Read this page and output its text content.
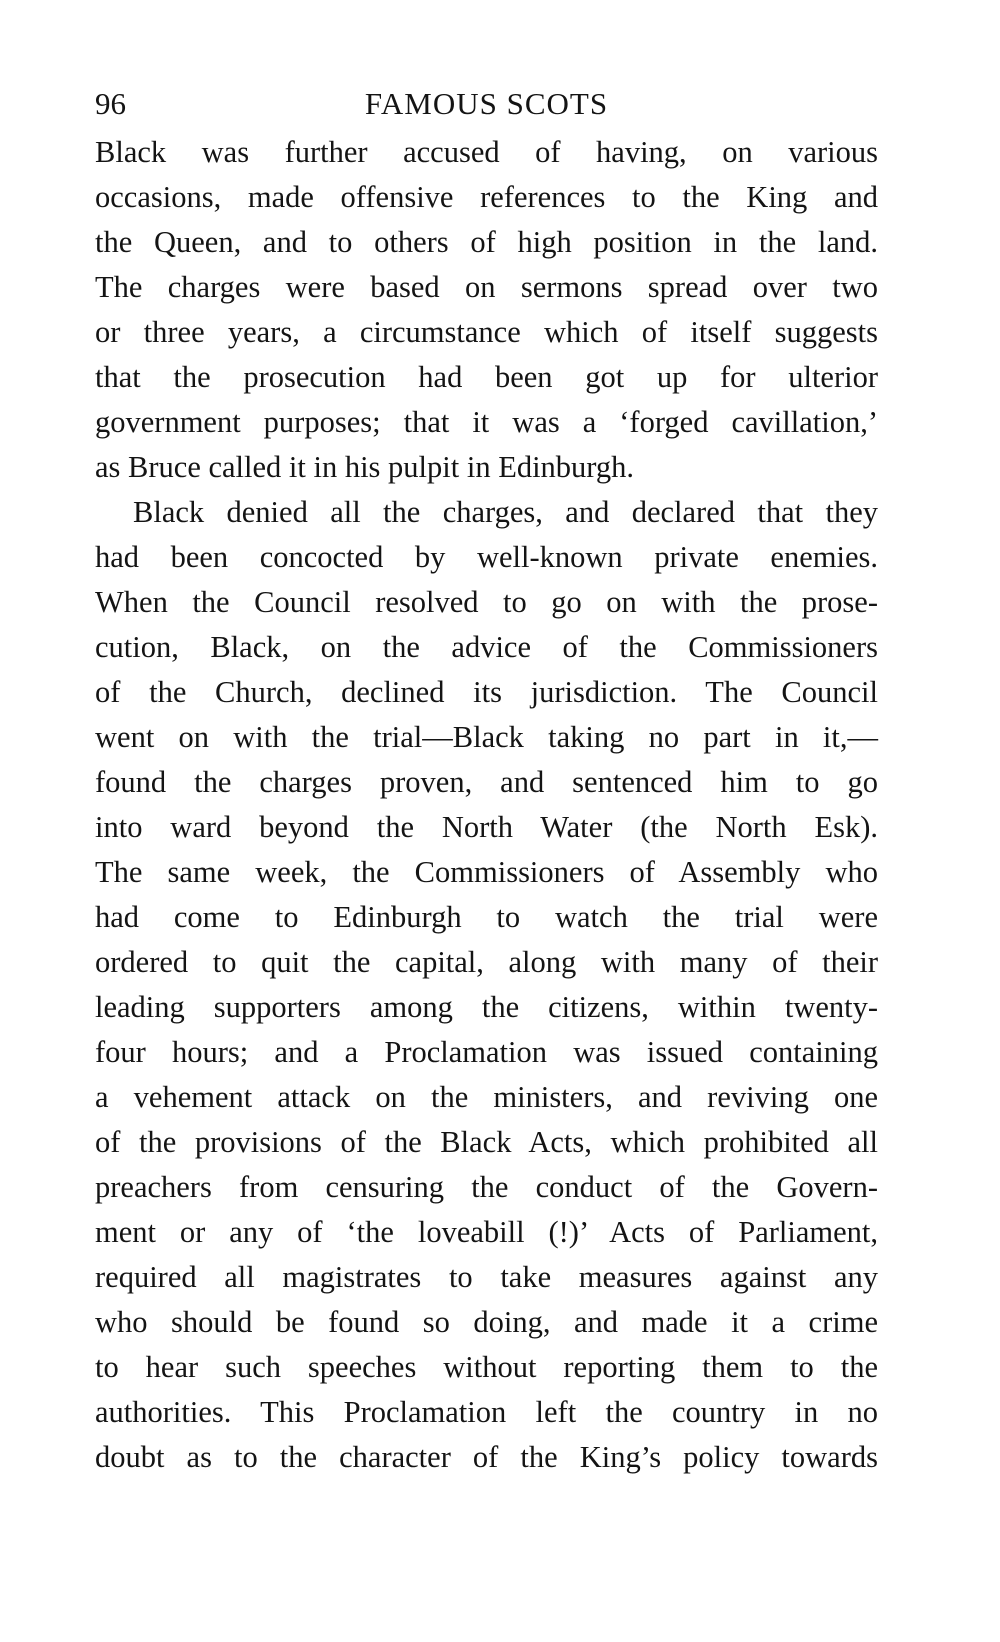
96	FAMOUS SCOTS
Black was further accused of having, on various
occasions, made offensive references to the King and
the Queen, and to others of high position in the land.
The charges were based on sermons spread over two
or three years, a circumstance which of itself suggests
that the prosecution had been got up for ulterior
government purposes; that it was a ‘forged cavillation,’
as Bruce called it in his pulpit in Edinburgh.
Black denied all the charges, and declared that they
had been concocted by well-known private enemies.
When the Council resolved to go on with the prose-
cution, Black, on the advice of the Commissioners
of the Church, declined its jurisdiction. The Council
went on with the trial—Black taking no part in it,—
found the charges proven, and sentenced him to go
into ward beyond the North Water (the North Esk).
The same week, the Commissioners of Assembly who
had come to Edinburgh to watch the trial were
ordered to quit the capital, along with many of their
leading supporters among the citizens, within twenty-
four hours; and a Proclamation was issued containing
a vehement attack on the ministers, and reviving one
of the provisions of the Black Acts, which prohibited all
preachers from censuring the conduct of the Govern-
ment or any of ‘the loveabill (!)’ Acts of Parliament,
required all magistrates to take measures against any
who should be found so doing, and made it a crime
to hear such speeches without reporting them to the
authorities. This Proclamation left the country in no
doubt as to the character of the King’s policy towards
